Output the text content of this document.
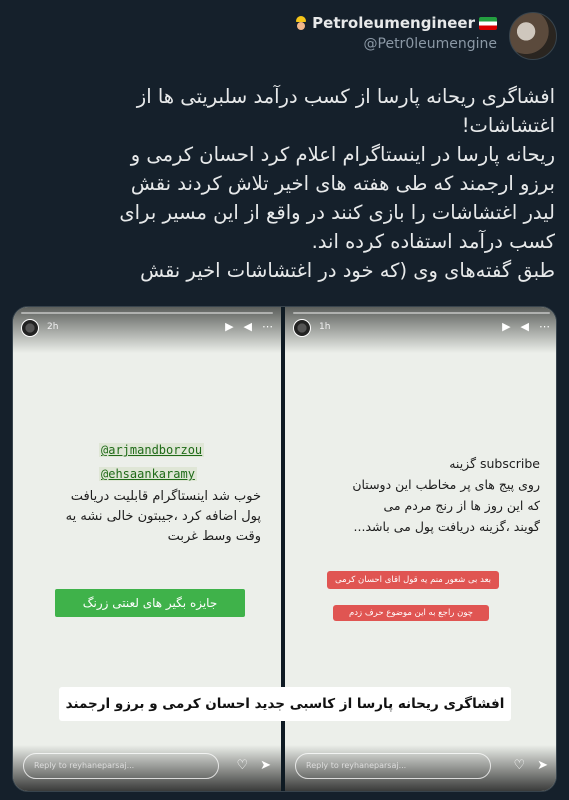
Petroleumengineer
@Petr0leumengine

افشاگری ریحانه پارسا از کسب درآمد سلبریتی ها از

اغتشاشات!

ریحانه پارسا در اینستاگرام اعلام کرد احسان کرمی و

برزو ارجمند که طی هفته های اخیر تلاش کردند نقش

لیدر اغتشاشات را بازی کنند در واقع از این مسیر برای

کسب درآمد استفاده کرده اند.

طبق گفته‌های وی (که خود در اغتشاشات اخیر نقش

2h	▶ ◀ ⋯
@arjmandborzou
@ehsaankaramy
خوب شد اینستاگرام قابلیت دریافت
پول اضافه کرد ،جیبتون خالی نشه یه
وقت وسط غربت
جایزه بگیر های لعنتی زرنگ
Reply to reyhaneparsaj...	♡ ➤
1h	▶ ◀ ⋯
subscribe گزینه
روی پیج های پر مخاطب این دوستان
که این روز ها از رنج مردم می
گویند ،گزینه دریافت پول می باشد...
بعد بی شعور منم یه قول اقای احسان کرمی
چون راجع به این موضوع حرف زدم
Reply to reyhaneparsaj...	♡ ➤
افشاگری ریحانه پارسا از کاسبی جدید احسان کرمی و برزو ارجمند
